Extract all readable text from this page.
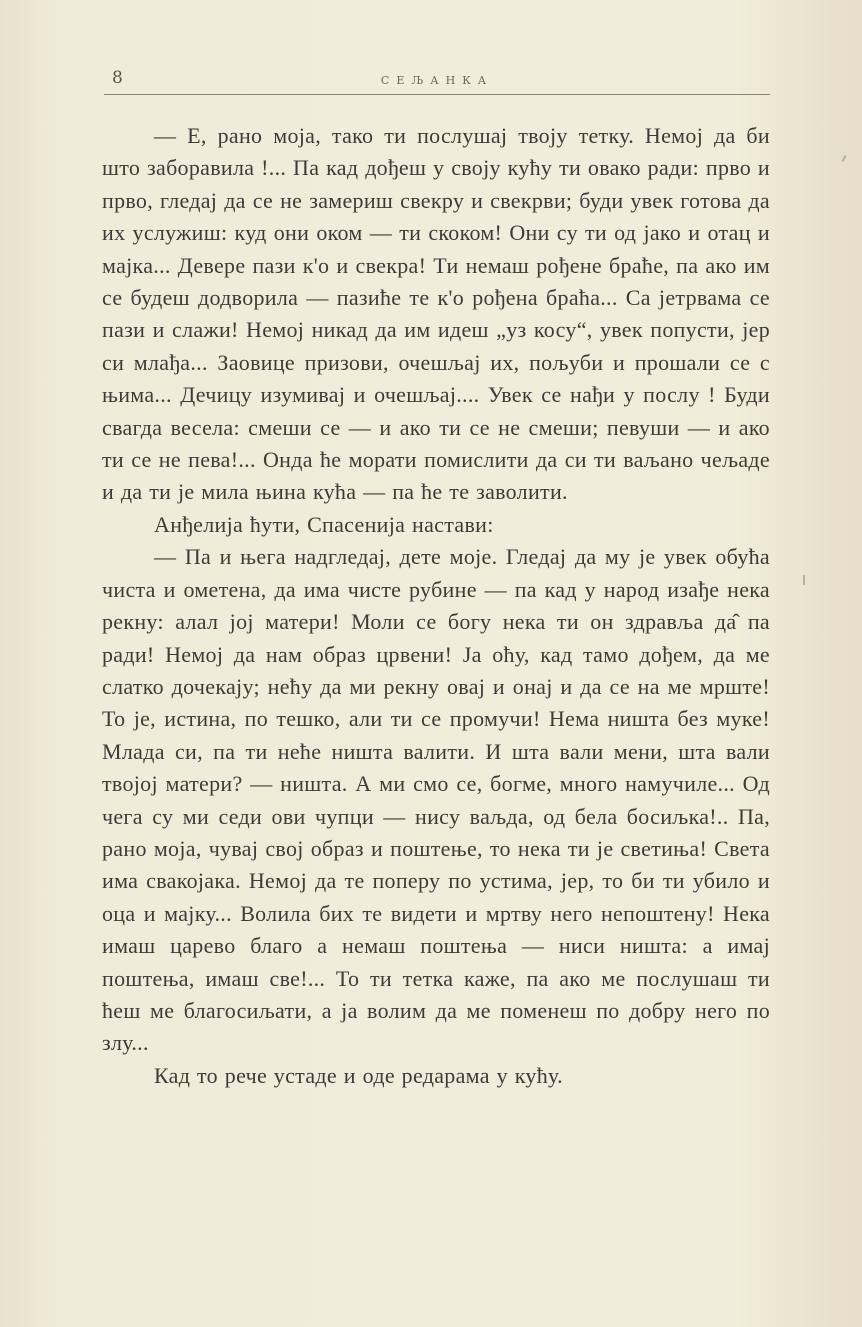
8	СЕЉАНКА

— Е, рано моја, тако ти послушај твоју тетку. Немој да би што заборавила !... Па кад дођеш у своју кућу ти овако ради: прво и прво, гледај да се не замериш свекру и свекрви; буди увек готова да их услужиш: куд они оком — ти скоком! Они су ти од јако и отац и мајка... Девере пази к'о и свекра! Ти немаш рођене браће, па ако им се будеш додворила — пазиће те к'о рођена браћа... Са јетрвама се пази и слажи! Немој никад да им идеш „уз косу“, увек попусти, јер си млађа... Заовице призови, очешљај их, пољуби и прошали се с њима... Дечицу изумивај и очешљај.... Увек се нађи у послу ! Буди свагда весела: смеши се — и ако ти се не смеши; певуши — и ако ти се не пева!... Онда ће морати помислити да си ти ваљано чељаде и да ти је мила њина кућа — па ће те заволити.

Анђелија ћути, Спасенија настави:

— Па и њега надгледај, дете моје. Гледај да му је увек обућа чиста и ометена, да има чисте рубине — па кад у народ изађе нека рекну: алал јој матери! Моли се богу нека ти он здравља да̂ па ради! Немој да нам образ црвени! Ја оћу, кад тамо дођем, да ме слатко дочекају; нећу да ми рекну овај и онај и да се на ме мрште! То је, истина, по тешко, али ти се промучи! Нема ништа без муке! Млада си, па ти неће ништа валити. И шта вали мени, шта вали твојој матери? — ништа. А ми смо се, богме, много намучиле... Од чега су ми седи ови чупци — нису ваљда, од бела босиљка!.. Па, рано моја, чувај свој образ и поштење, то нека ти је светиња! Света има свакојака. Немој да те поперу по устима, јер, то би ти убило и оца и мајку... Волила бих те видети и мртву него непоштену! Нека имаш царево благо а немаш поштења — ниси ништа: а имај поштења, имаш све!... То ти тетка каже, па ако ме послушаш ти ћеш ме благосиљати, а ја волим да ме поменеш по добру него по злу...

Кад то рече устаде и оде редарама у кућу.
